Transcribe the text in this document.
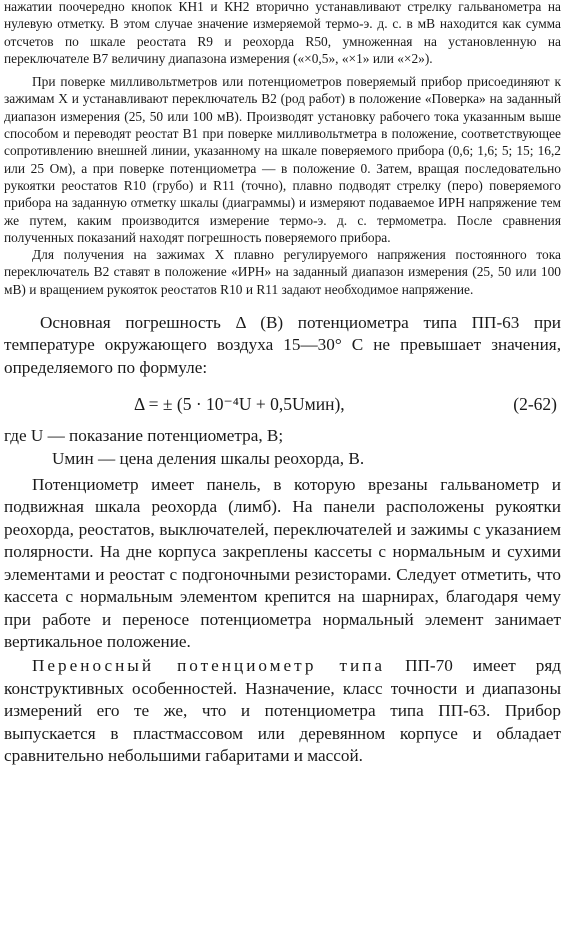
нажатии поочередно кнопок КН1 и КН2 вторично устанавливают стрелку гальванометра на нулевую отметку. В этом случае значение измеряемой термо-э. д. с. в мВ находится как сумма отсчетов по шкале реостата R9 и реохорда R50, умноженная на установленную на переключателе В7 величину диапазона измерения («×0,5», «×1» или «×2»).

При поверке милливольтметров или потенциометров поверяемый прибор присоединяют к зажимам X и устанавливают переключатель В2 (род работ) в положение «Поверка» на заданный диапазон измерения (25, 50 или 100 мВ). Производят установку рабочего тока указанным выше способом и переводят реостат В1 при поверке милливольтметра в положение, соответствующее сопротивлению внешней линии, указанному на шкале поверяемого прибора (0,6; 1,6; 5; 15; 16,2 или 25 Ом), а при поверке потенциометра — в положение 0. Затем, вращая последовательно рукоятки реостатов R10 (грубо) и R11 (точно), плавно подводят стрелку (перо) поверяемого прибора на заданную отметку шкалы (диаграммы) и измеряют подаваемое ИРН напряжение тем же путем, каким производится измерение термо-э. д. с. термометра. После сравнения полученных показаний находят погрешность поверяемого прибора.

Для получения на зажимах X плавно регулируемого напряжения постоянного тока переключатель В2 ставят в положение «ИРН» на заданный диапазон измерения (25, 50 или 100 мВ) и вращением рукояток реостатов R10 и R11 задают необходимое напряжение.

Основная погрешность Δ (В) потенциометра типа ПП-63 при температуре окружающего воздуха 15—30° С не превышает значения, определяемого по формуле:

Δ = ± (5 · 10⁻⁴U + 0,5Uмин),	(2-62)
где U — показание потенциометра, В;
Uмин — цена деления шкалы реохорда, В.

Потенциометр имеет панель, в которую врезаны гальванометр и подвижная шкала реохорда (лимб). На панели расположены рукоятки реохорда, реостатов, выключателей, переключателей и зажимы с указанием полярности. На дне корпуса закреплены кассеты с нормальным и сухими элементами и реостат с подгоночными резисторами. Следует отметить, что кассета с нормальным элементом крепится на шарнирах, благодаря чему при работе и переносе потенциометра нормальный элемент занимает вертикальное положение.

Переносный потенциометр типа ПП-70 имеет ряд конструктивных особенностей. Назначение, класс точности и диапазоны измерений его те же, что и потенциометра типа ПП-63. Прибор выпускается в пластмассовом или деревянном корпусе и обладает сравнительно небольшими габаритами и массой.
